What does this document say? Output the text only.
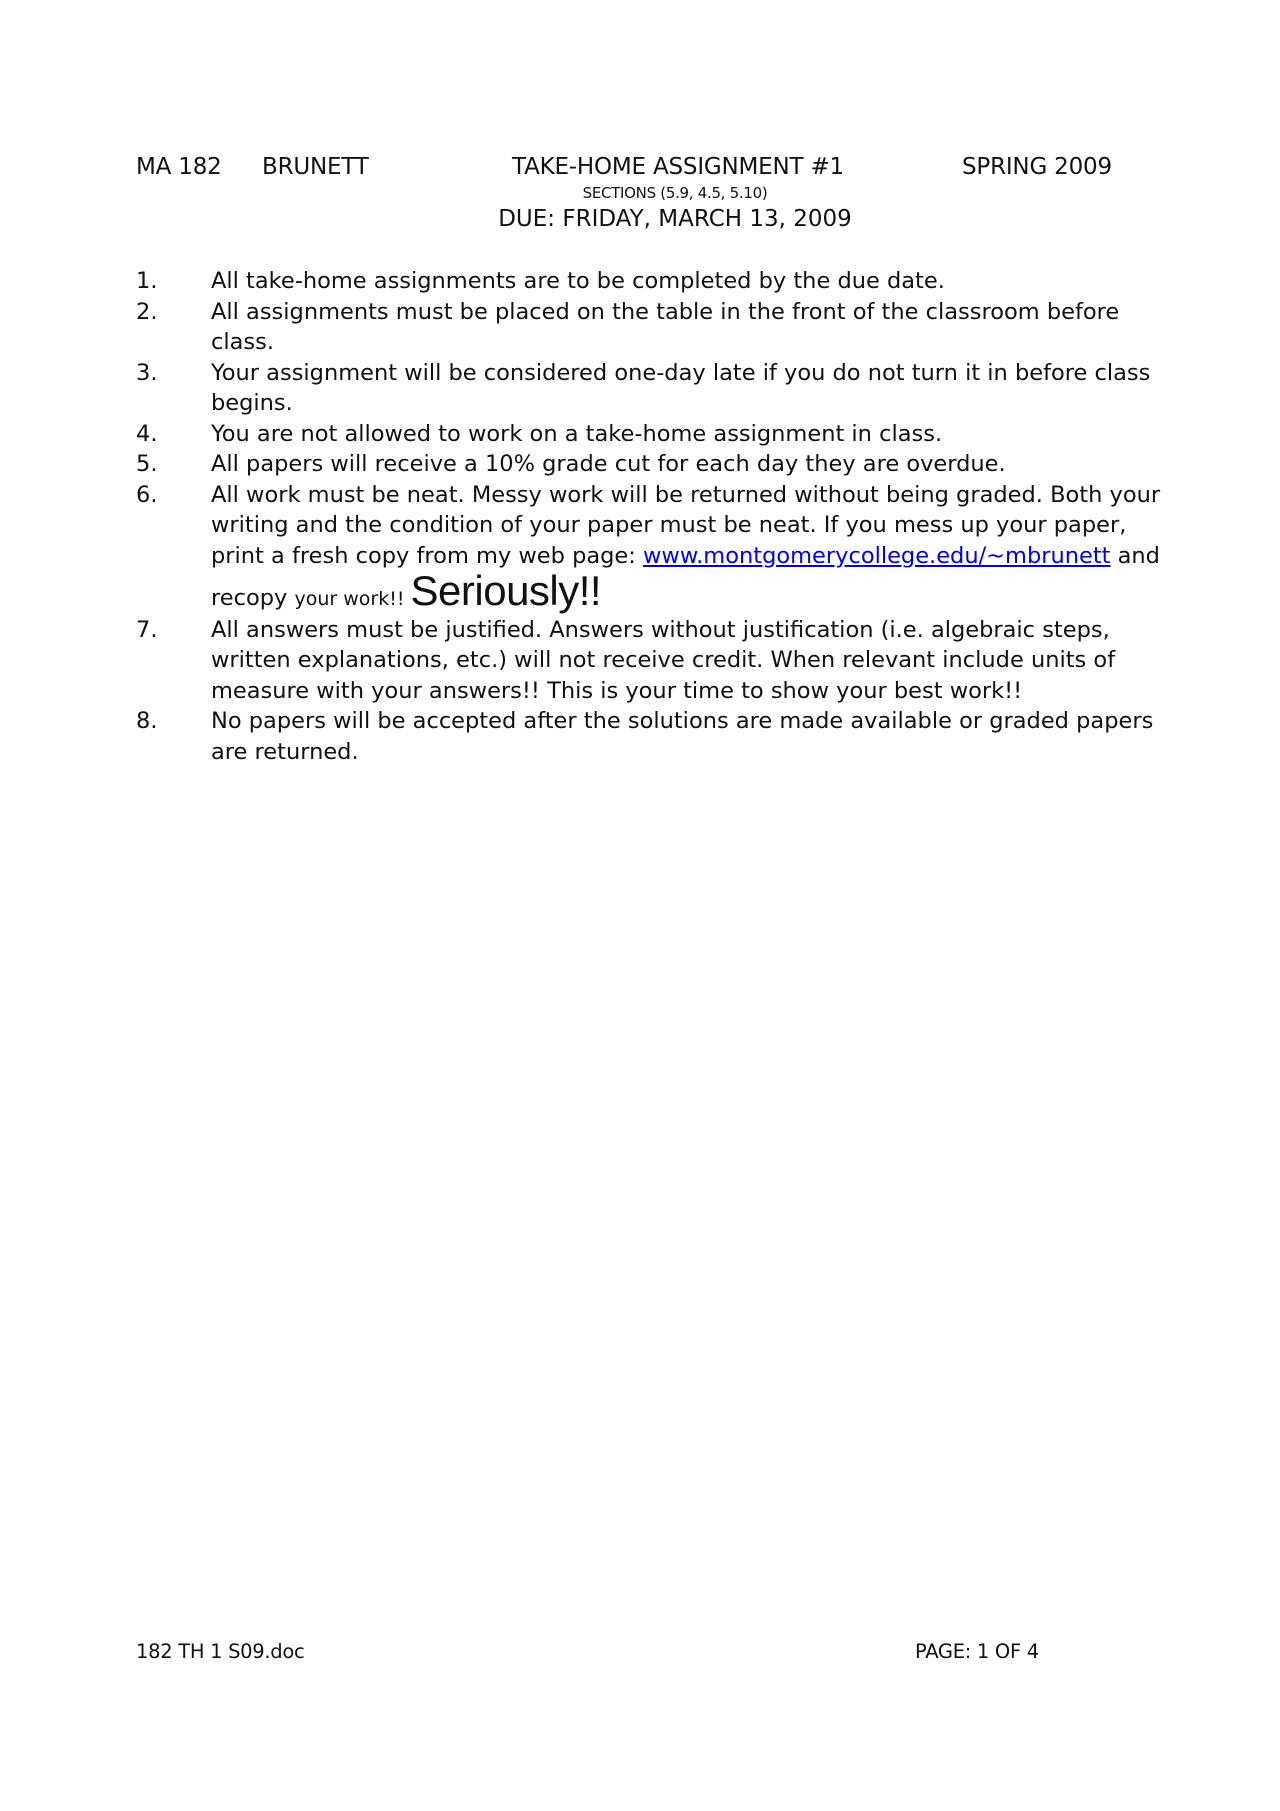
MA 182 BRUNETT	TAKE-HOME ASSIGNMENT #1	SPRING 2009
SECTIONS (5.9, 4.5, 5.10)
DUE: FRIDAY, MARCH 13, 2009
1.	All take-home assignments are to be completed by the due date.
2.	All assignments must be placed on the table in the front of the classroom before class.
3.	Your assignment will be considered one-day late if you do not turn it in before class begins.
4.	You are not allowed to work on a take-home assignment in class.
5.	All papers will receive a 10% grade cut for each day they are overdue.
6.	All work must be neat. Messy work will be returned without being graded. Both your writing and the condition of your paper must be neat. If you mess up your paper, print a fresh copy from my web page: www.montgomerycollege.edu/~mbrunett and recopy your work!! Seriously!!
7.	All answers must be justified. Answers without justification (i.e. algebraic steps, written explanations, etc.) will not receive credit. When relevant include units of measure with your answers!! This is your time to show your best work!!
8.	No papers will be accepted after the solutions are made available or graded papers are returned.
182 TH 1 S09.doc	PAGE: 1 OF 4
